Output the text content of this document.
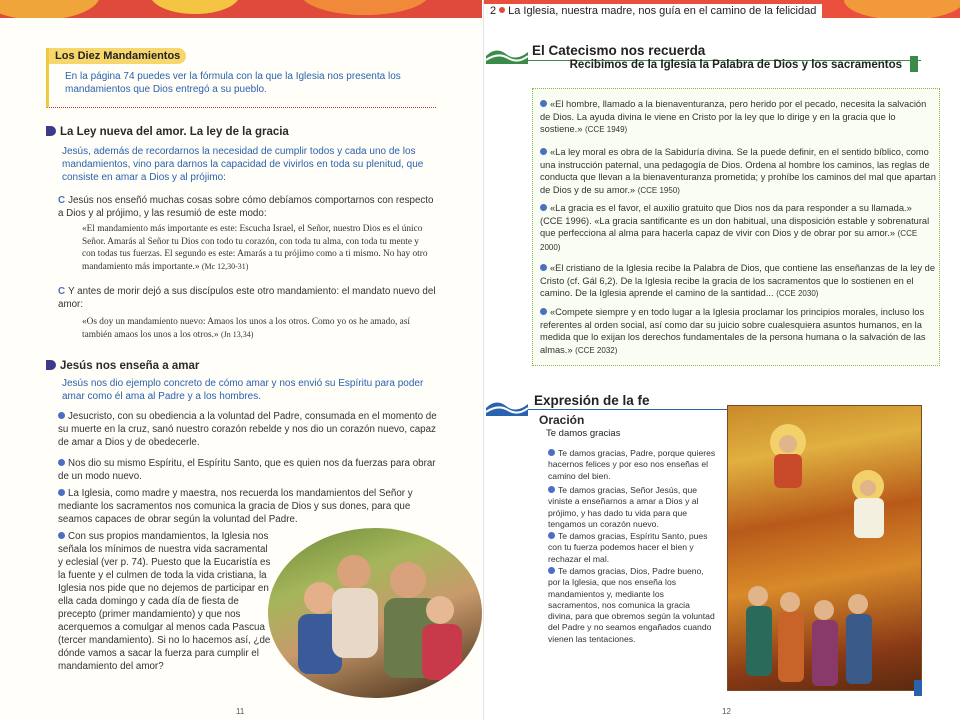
Los Diez Mandamientos
En la página 74 puedes ver la fórmula con la que la Iglesia nos presenta los mandamientos que Dios entregó a su pueblo.
La Ley nueva del amor. La ley de la gracia
Jesús, además de recordarnos la necesidad de cumplir todos y cada uno de los mandamientos, vino para darnos la capacidad de vivirlos en toda su plenitud, que consiste en amar a Dios y al prójimo:
C Jesús nos enseñó muchas cosas sobre cómo debíamos comportarnos con respecto a Dios y al prójimo, y las resumió de este modo:
«El mandamiento más importante es este: Escucha Israel, el Señor, nuestro Dios es el único Señor. Amarás al Señor tu Dios con todo tu corazón, con toda tu alma, con toda tu mente y con todas tus fuerzas. El segundo es este: Amarás a tu prójimo como a ti mismo. No hay otro mandamiento más importante.» (Mc 12,30-31)
C Y antes de morir dejó a sus discípulos este otro mandamiento: el mandato nuevo del amor:
«Os doy un mandamiento nuevo: Amaos los unos a los otros. Como yo os he amado, así también amaos los unos a los otros.» (Jn 13,34)
Jesús nos enseña a amar
Jesús nos dio ejemplo concreto de cómo amar y nos envió su Espíritu para poder amar como él ama al Padre y a los hombres.
Jesucristo, con su obediencia a la voluntad del Padre, consumada en el momento de su muerte en la cruz, sanó nuestro corazón rebelde y nos dio un corazón nuevo, capaz de amar a Dios y de obedecerle.
Nos dio su mismo Espíritu, el Espíritu Santo, que es quien nos da fuerzas para obrar de un modo nuevo.
La Iglesia, como madre y maestra, nos recuerda los mandamientos del Señor y mediante los sacramentos nos comunica la gracia de Dios y sus dones, para que seamos capaces de obrar según la voluntad del Padre.
Con sus propios mandamientos, la Iglesia nos señala los mínimos de nuestra vida sacramental y eclesial (ver p. 74). Puesto que la Eucaristía es la fuente y el culmen de toda la vida cristiana, la Iglesia nos pide que no dejemos de participar en ella cada domingo y cada día de fiesta de precepto (primer mandamiento) y que nos acerquemos a comulgar al menos cada Pascua (tercer mandamiento). Si no lo hacemos así, ¿de dónde vamos a sacar la fuerza para cumplir el mandamiento del amor?
11
2 La Iglesia, nuestra madre, nos guía en el camino de la felicidad
El Catecismo nos recuerda
Recibimos de la Iglesia la Palabra de Dios y los sacramentos
«El hombre, llamado a la bienaventuranza, pero herido por el pecado, necesita la salvación de Dios. La ayuda divina le viene en Cristo por la ley que lo dirige y en la gracia que lo sostiene.» (CCE 1949)
«La ley moral es obra de la Sabiduría divina. Se la puede definir, en el sentido bíblico, como una instrucción paternal, una pedagogía de Dios. Ordena al hombre los caminos, las reglas de conducta que llevan a la bienaventuranza prometida; y prohíbe los caminos del mal que apartan de Dios y de su amor.» (CCE 1950)
«La gracia es el favor, el auxilio gratuito que Dios nos da para responder a su llamada.» (CCE 1996). «La gracia santificante es un don habitual, una disposición estable y sobrenatural que perfecciona al alma para hacerla capaz de vivir con Dios y de obrar por su amor.» (CCE 2000)
«El cristiano de la Iglesia recibe la Palabra de Dios, que contiene las enseñanzas de la ley de Cristo (cf. Gál 6,2). De la Iglesia recibe la gracia de los sacramentos que lo sostienen en el camino. De la Iglesia aprende el camino de la santidad... (CCE 2030)
«Compete siempre y en todo lugar a la Iglesia proclamar los principios morales, incluso los referentes al orden social, así como dar su juicio sobre cualesquiera asuntos humanos, en la medida que lo exijan los derechos fundamentales de la persona humana o la salvación de las almas.» (CCE 2032)
Expresión de la fe
Oración
Te damos gracias
Te damos gracias, Padre, porque quieres hacernos felices y por eso nos enseñas el camino del bien.
Te damos gracias, Señor Jesús, que viniste a enseñarnos a amar a Dios y al prójimo, y has dado tu vida para que tengamos un corazón nuevo.
Te damos gracias, Espíritu Santo, pues con tu fuerza podemos hacer el bien y rechazar el mal.
Te damos gracias, Dios, Padre bueno, por la Iglesia, que nos enseña los mandamientos y, mediante los sacramentos, nos comunica la gracia divina, para que obremos según la voluntad del Padre y no seamos engañados cuando vienen las tentaciones.
12
